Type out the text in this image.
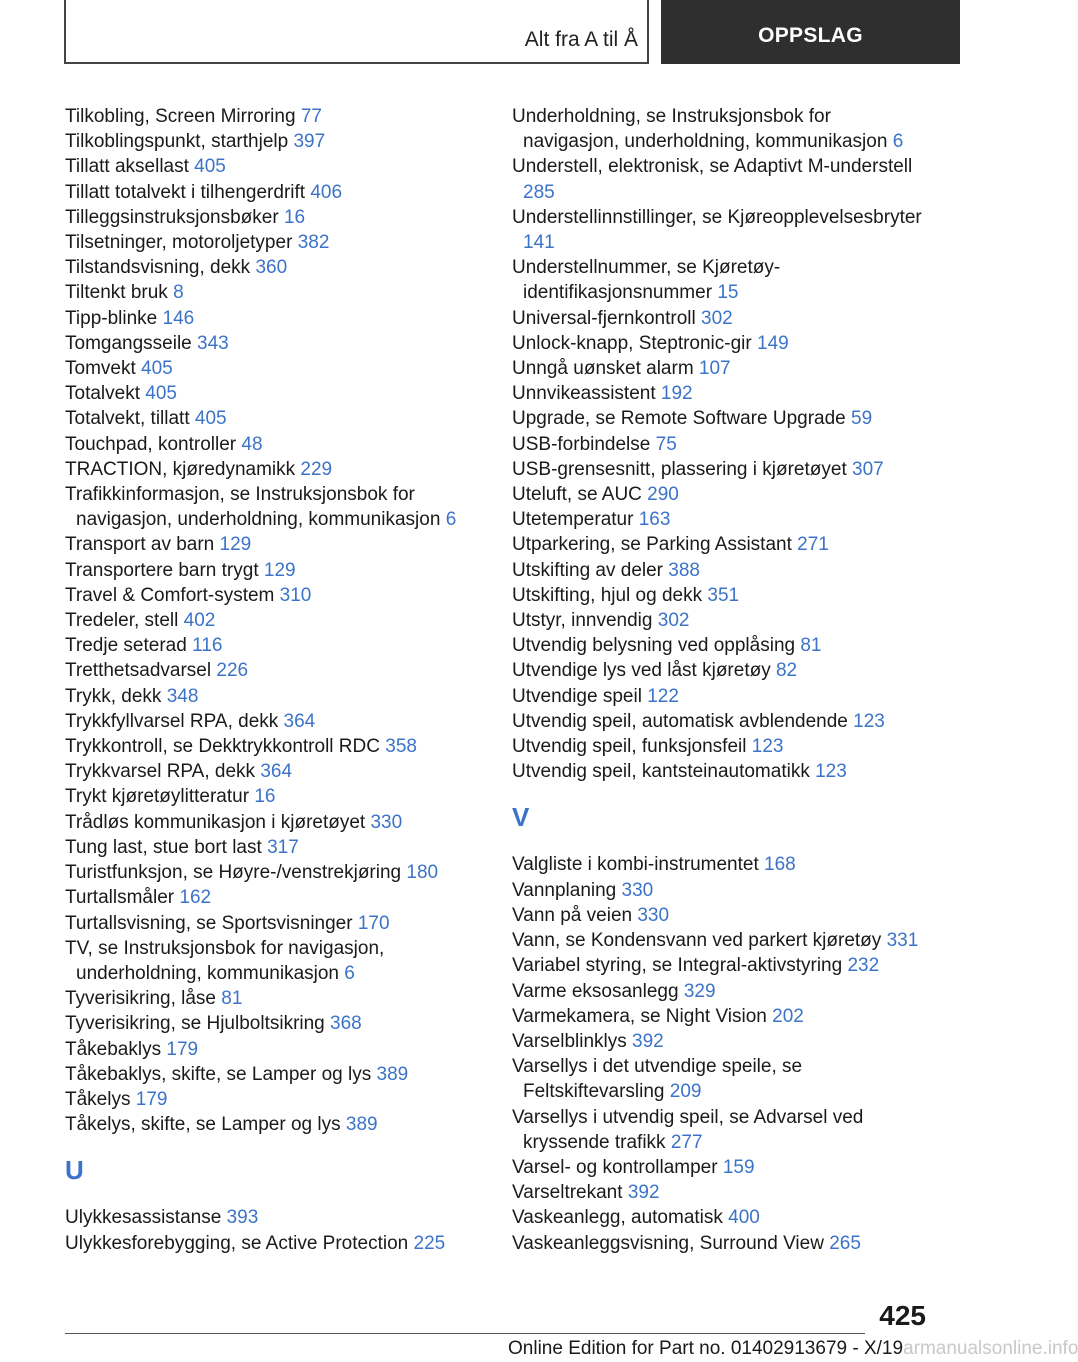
Alt fra A til Å	OPPSLAG
Tilkobling, Screen Mirroring 77
Tilkoblingspunkt, starthjelp 397
Tillatt aksellast 405
Tillatt totalvekt i tilhengerdrift 406
Tilleggsinstruksjonsbøker 16
Tilsetninger, motoroljetyper 382
Tilstandsvisning, dekk 360
Tiltenkt bruk 8
Tipp-blinke 146
Tomgangsseile 343
Tomvekt 405
Totalvekt 405
Totalvekt, tillatt 405
Touchpad, kontroller 48
TRACTION, kjøredynamikk 229
Trafikkinformasjon, se Instruksjonsbok for navigasjon, underholdning, kommunikasjon 6
Transport av barn 129
Transportere barn trygt 129
Travel & Comfort-system 310
Tredeler, stell 402
Tredje seterad 116
Tretthetsadvarsel 226
Trykk, dekk 348
Trykkfyllvarsel RPA, dekk 364
Trykkontroll, se Dekktrykkontroll RDC 358
Trykkvarsel RPA, dekk 364
Trykt kjøretøylitteratur 16
Trådløs kommunikasjon i kjøretøyet 330
Tung last, stue bort last 317
Turistfunksjon, se Høyre-/venstrekjøring 180
Turtallsmåler 162
Turtallsvisning, se Sportsvisninger 170
TV, se Instruksjonsbok for navigasjon, underholdning, kommunikasjon 6
Tyverisikring, låse 81
Tyverisikring, se Hjulboltsikring 368
Tåkebaklys 179
Tåkebaklys, skifte, se Lamper og lys 389
Tåkelys 179
Tåkelys, skifte, se Lamper og lys 389
U
Ulykkesassistanse 393
Ulykkesforebygging, se Active Protection 225
Underholdning, se Instruksjonsbok for navigasjon, underholdning, kommunikasjon 6
Understell, elektronisk, se Adaptivt M-understell 285
Understellinnstillinger, se Kjøreopplevelsesbryter 141
Understellnummer, se Kjøretøy-identifikasjonsnummer 15
Universal-fjernkontroll 302
Unlock-knapp, Steptronic-gir 149
Unngå uønsket alarm 107
Unnvikeassistent 192
Upgrade, se Remote Software Upgrade 59
USB-forbindelse 75
USB-grensesnitt, plassering i kjøretøyet 307
Uteluft, se AUC 290
Utetemperatur 163
Utparkering, se Parking Assistant 271
Utskifting av deler 388
Utskifting, hjul og dekk 351
Utstyr, innvendig 302
Utvendig belysning ved opplåsing 81
Utvendige lys ved låst kjøretøy 82
Utvendige speil 122
Utvendig speil, automatisk avblendende 123
Utvendig speil, funksjonsfeil 123
Utvendig speil, kantsteinautomatikk 123
V
Valgliste i kombi-instrumentet 168
Vannplaning 330
Vann på veien 330
Vann, se Kondensvann ved parkert kjøretøy 331
Variabel styring, se Integral-aktivstyring 232
Varme eksosanlegg 329
Varmekamera, se Night Vision 202
Varselblinklys 392
Varsellys i det utvendige speile, se Feltskiftevarsling 209
Varsellys i utvendig speil, se Advarsel ved kryssende trafikk 277
Varsel- og kontrollamper 159
Varseltrekant 392
Vaskeanlegg, automatisk 400
Vaskeanleggsvisning, Surround View 265
425
Online Edition for Part no. 01402913679 - X/19armanualsonline.info
